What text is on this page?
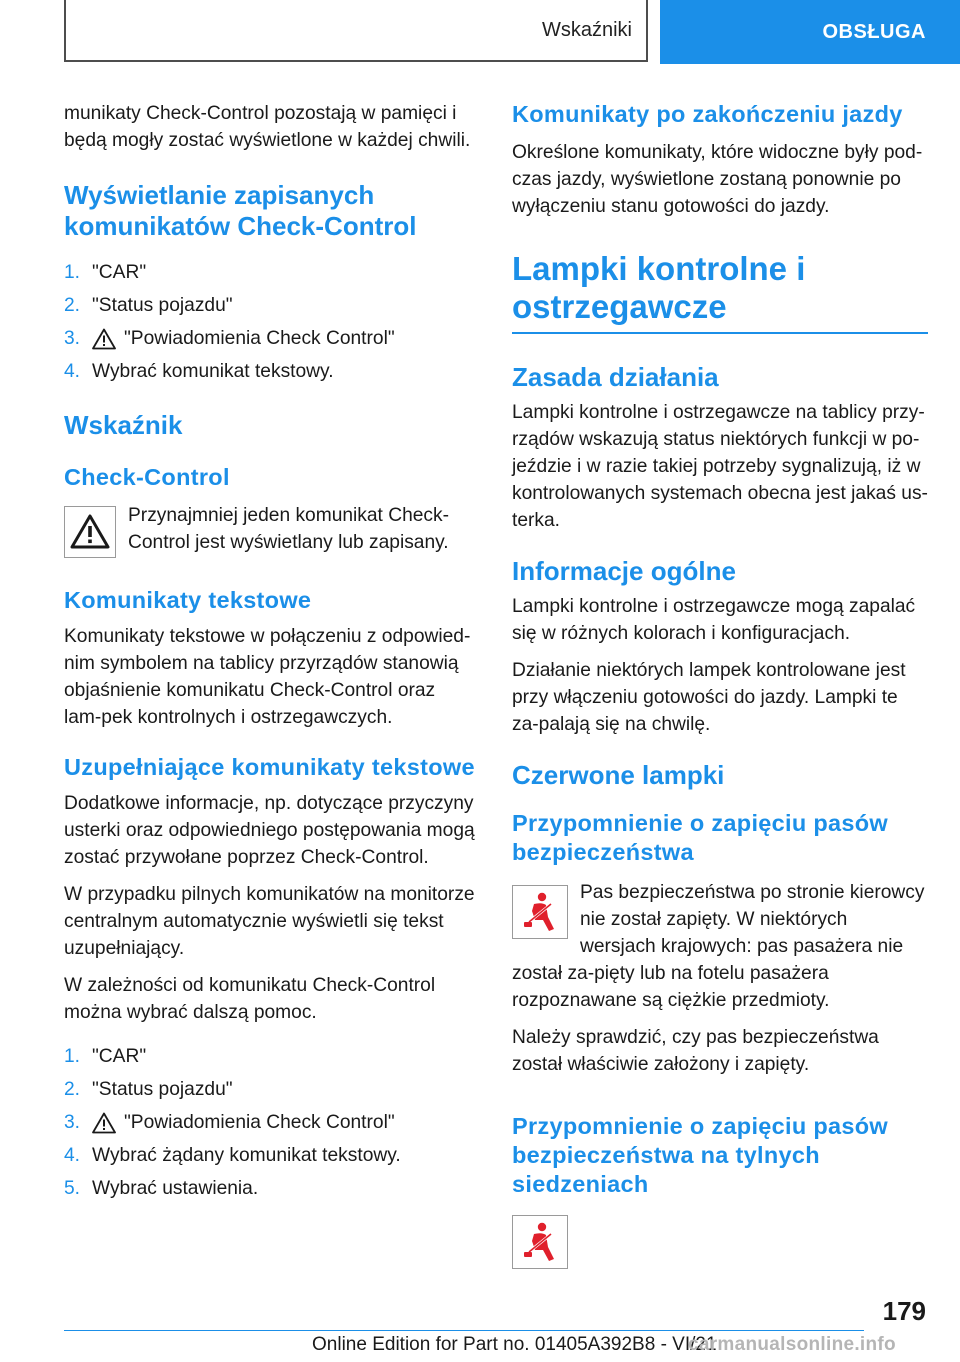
Wskaźniki	OBSŁUGA

munikaty Check-Control pozostają w pamięci i będą mogły zostać wyświetlone w każdej chwili.

Wyświetlanie zapisanych komunikatów Check-Control
1. "CAR"
2. "Status pojazdu"
3.	"Powiadomienia Check Control"
4. Wybrać komunikat tekstowy.
Wskaźnik
Check-Control

Przynajmniej jeden komunikat Check-Control jest wyświetlany lub zapisany.

Komunikaty tekstowe

Komunikaty tekstowe w połączeniu z odpowied-nim symbolem na tablicy przyrządów stanowią objaśnienie komunikatu Check-Control oraz lam-pek kontrolnych i ostrzegawczych.

Uzupełniające komunikaty tekstowe

Dodatkowe informacje, np. dotyczące przyczyny usterki oraz odpowiedniego postępowania mogą zostać przywołane poprzez Check-Control.

W przypadku pilnych komunikatów na monitorze centralnym automatycznie wyświetli się tekst uzupełniający.

W zależności od komunikatu Check-Control można wybrać dalszą pomoc.

1. "CAR"
2. "Status pojazdu"
3.	"Powiadomienia Check Control"
4. Wybrać żądany komunikat tekstowy.
5. Wybrać ustawienia.
Komunikaty po zakończeniu jazdy

Określone komunikaty, które widoczne były pod-czas jazdy, wyświetlone zostaną ponownie po wyłączeniu stanu gotowości do jazdy.

Lampki kontrolne i ostrzegawcze
Zasada działania

Lampki kontrolne i ostrzegawcze na tablicy przy-rządów wskazują status niektórych funkcji w po-jeździe i w razie takiej potrzeby sygnalizują, iż w kontrolowanych systemach obecna jest jakaś us-terka.

Informacje ogólne

Lampki kontrolne i ostrzegawcze mogą zapalać się w różnych kolorach i konfiguracjach.

Działanie niektórych lampek kontrolowane jest przy włączeniu gotowości do jazdy. Lampki te za-palają się na chwilę.

Czerwone lampki
Przypomnienie o zapięciu pasów bezpieczeństwa

Pas bezpieczeństwa po stronie kierowcy nie został zapięty. W niektórych wersjach krajowych: pas pasażera nie został za-pięty lub na fotelu pasażera rozpoznawane są ciężkie przedmioty.

Należy sprawdzić, czy pas bezpieczeństwa został właściwie założony i zapięty.

Przypomnienie o zapięciu pasów bezpieczeństwa na tylnych siedzeniach
179
Online Edition for Part no. 01405A392B8 - VI/21
carmanualsonline.info
